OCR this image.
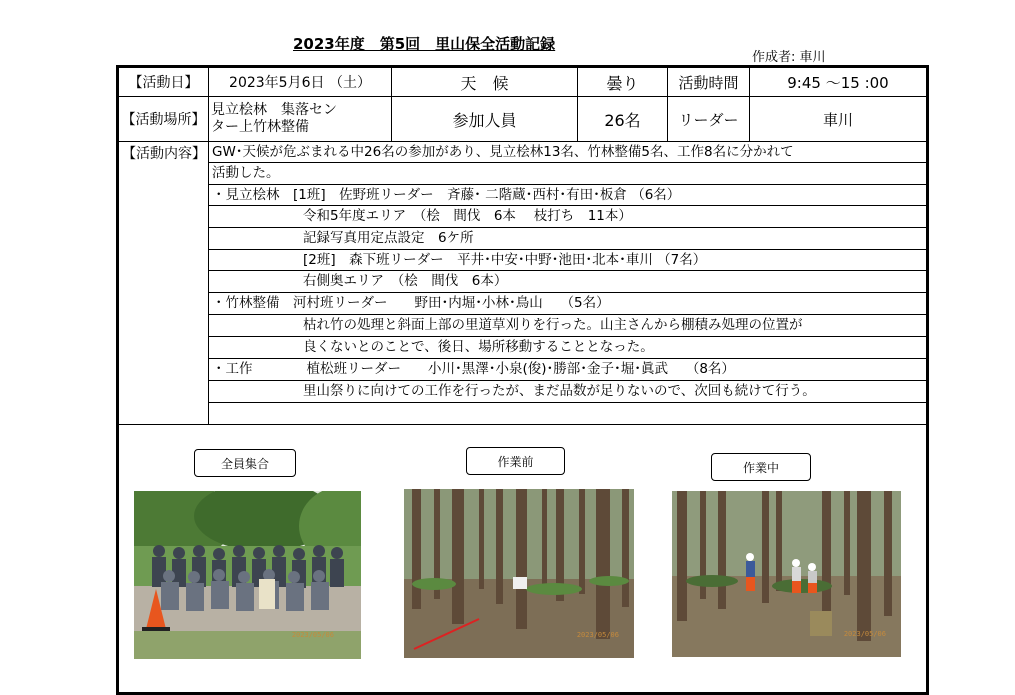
2023年度　第5回　里山保全活動記録
作成者: 車川
【活動日】	2023年5月6日 （土）	天　候	曇り	活動時間	9:45 〜15 :00
【活動場所】
見立桧林　集落セン
ター上竹林整備	参加人員	26名	リーダー	車川
【活動内容】 GW･天候が危ぶまれる中26名の参加があり、見立桧林13名、竹林整備5名、工作8名に分かれて
活動した。
・見立桧林　[1班]　佐野班リーダー　斉藤･ 二階蔵･西村･有田･板倉 （6名）
令和5年度エリア　（桧　間伐　6本　 枝打ち　11本）
記録写真用定点設定　6ケ所
[2班]　森下班リーダー　平井･中安･中野･池田･北本･車川 （7名）
右側奥エリア　（桧　間伐　6本）
・竹林整備　河村班リーダー　　野田･内堀･小林･鳥山　 （5名）
枯れ竹の処理と斜面上部の里道草刈りを行った。山主さんから棚積み処理の位置が
良くないとのことで、後日、場所移動することとなった。
・工作　　　　植松班リーダー　　小川･黒澤･小泉(俊)･勝部･金子･堀･眞武　 （8名）
里山祭りに向けての工作を行ったが、まだ品数が足りないので、次回も続けて行う。
全員集合	作業前	作業中
2023/05/06	2023/05/06	2023/05/06
